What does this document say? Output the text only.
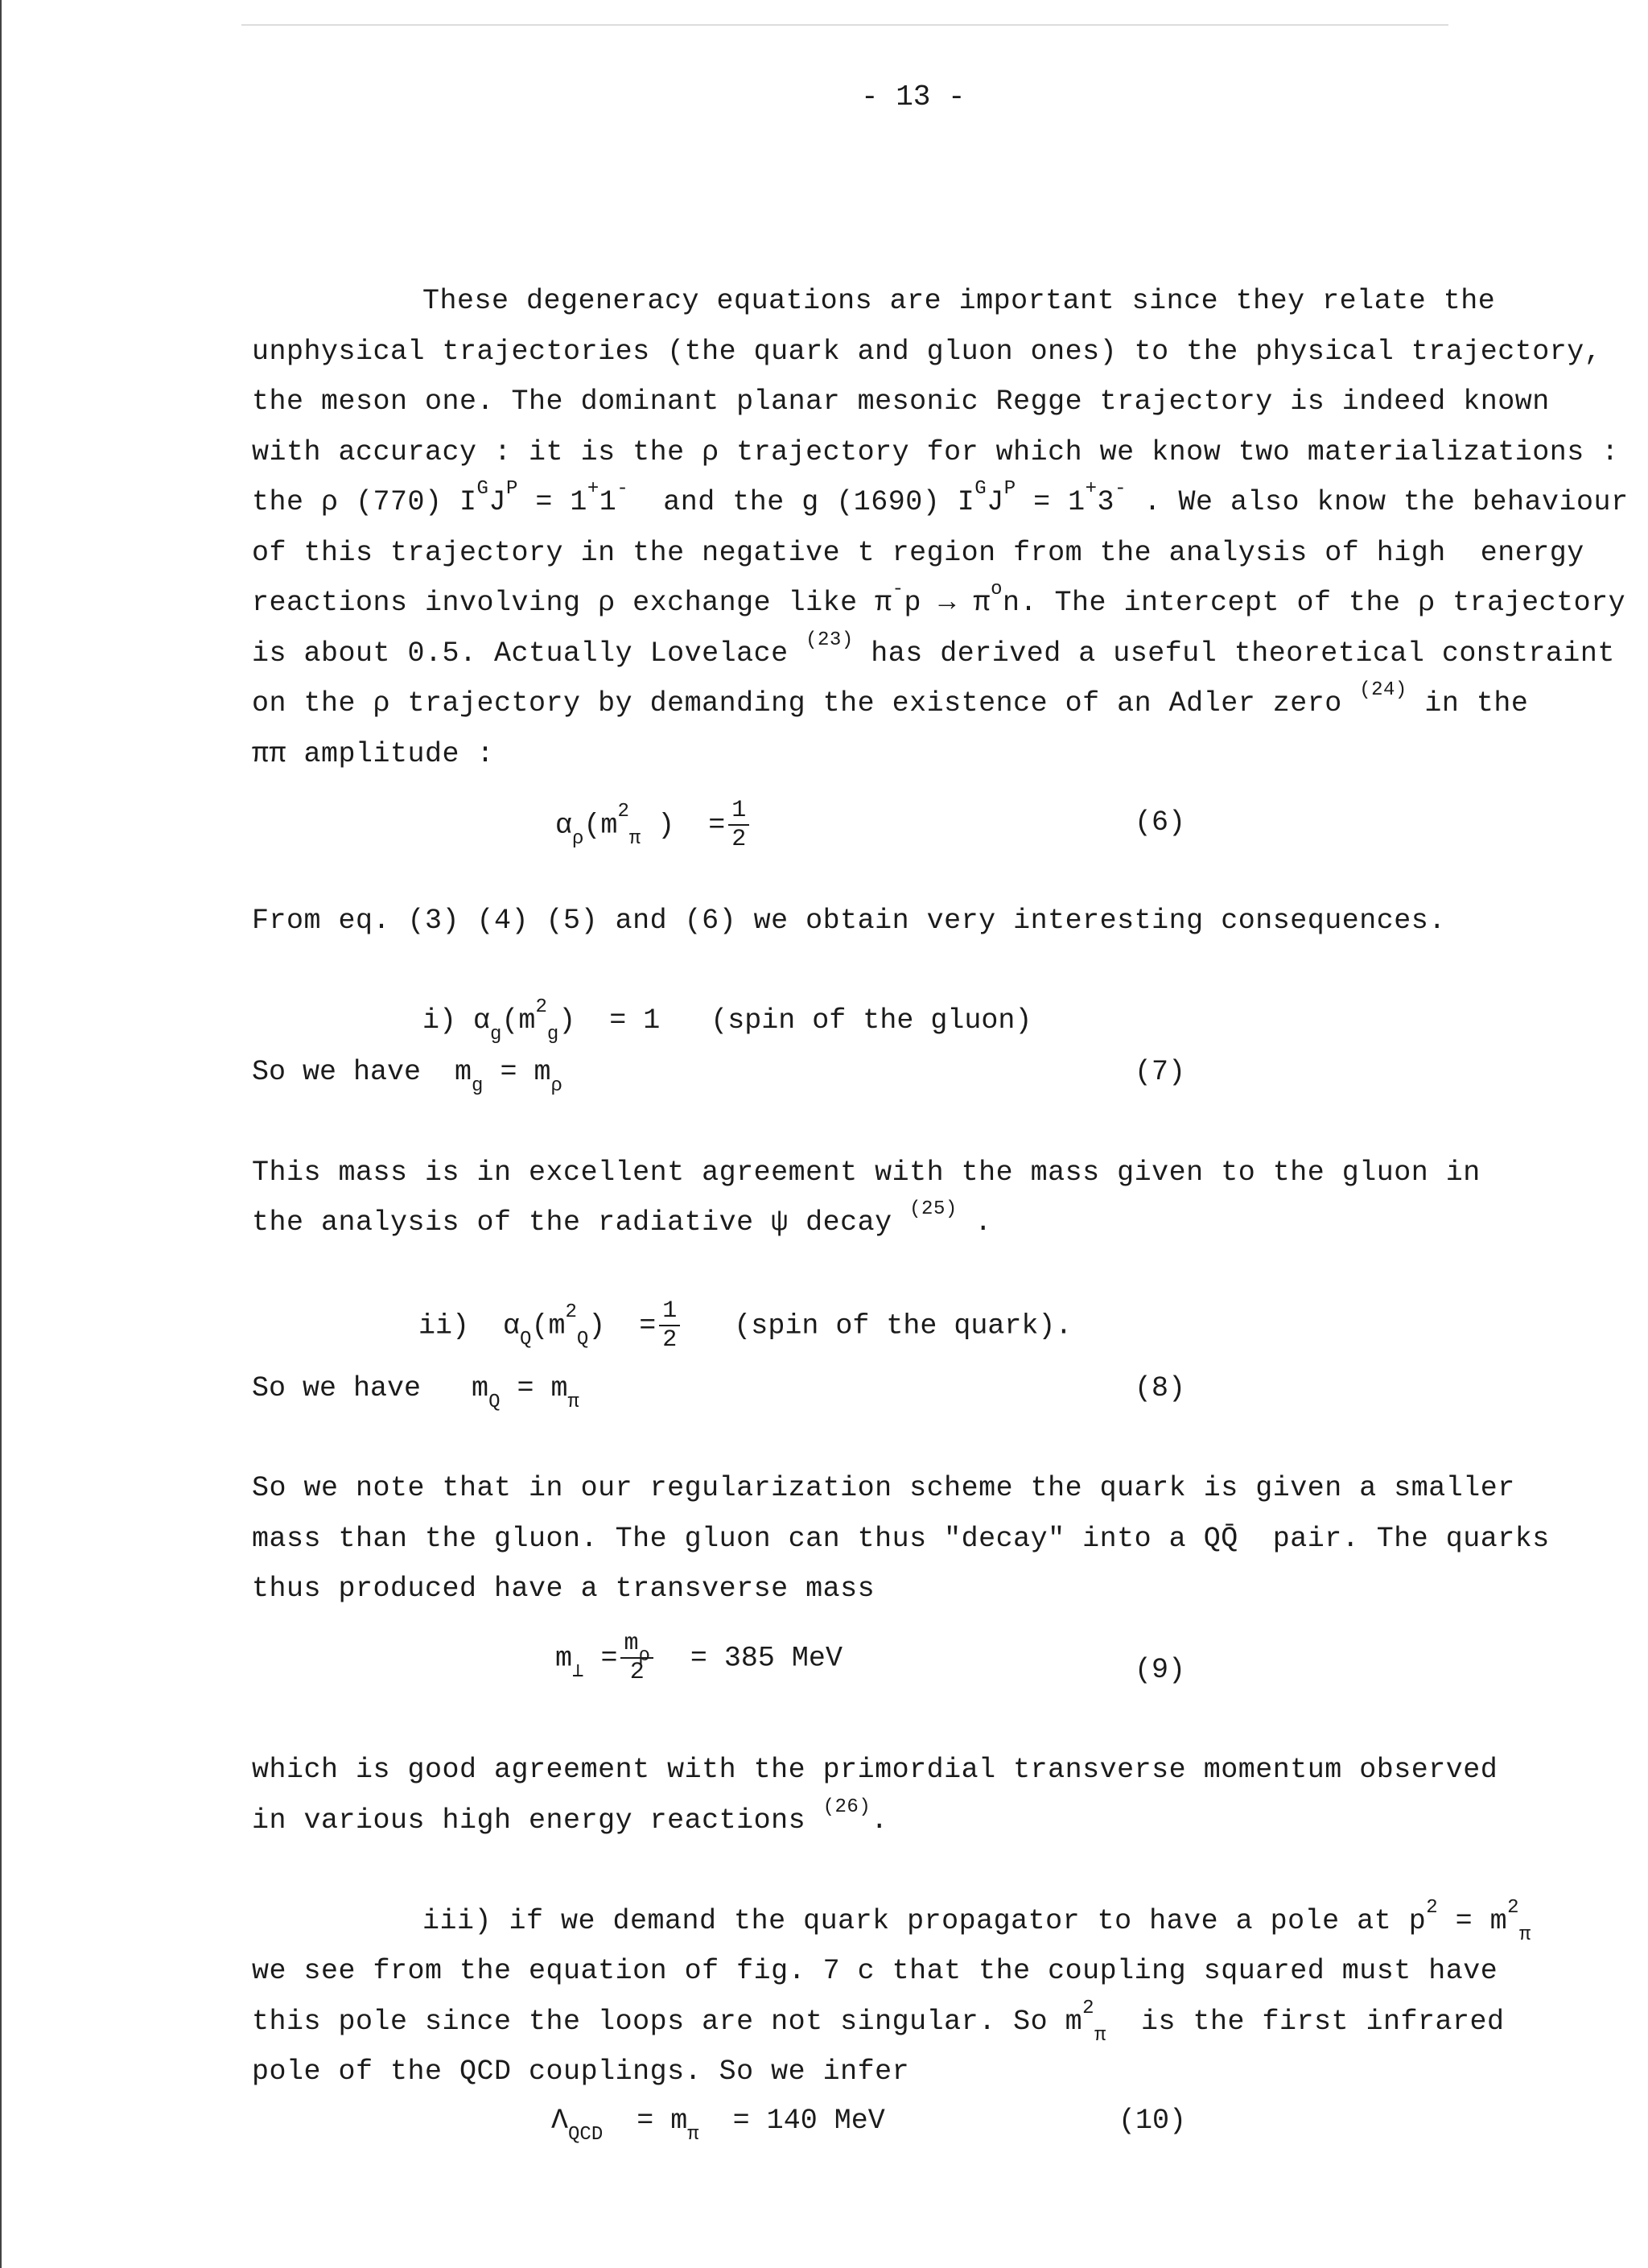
- 13 -
These degeneracy equations are important since they relate the
unphysical trajectories (the quark and gluon ones) to the physical trajectory,
the meson one. The dominant planar mesonic Regge trajectory is indeed known
with accuracy : it is the ρ trajectory for which we know two materializations :
the ρ (770) $I^GJ^P = 1^+1^-$  and the g (1690) $I^GJ^P = 1^+3^-$ . We also know the behaviour
of this trajectory in the negative t region from the analysis of high  energy
reactions involving ρ exchange like $\pi^-p \to \pi^on$. The intercept of the ρ trajectory
is about 0.5. Actually Lovelace $^{(23)}$ has derived a useful theoretical constraint
on the ρ trajectory by demanding the existence of an Adler zero $^{(24)}$ in the
ππ amplitude :
$\alpha_\rho(m^2_\pi$ )  = $\frac{1}{2}$	(6)
From eq. (3) (4) (5) and (6) we obtain very interesting consequences.
i) $\alpha_g(m^2_g) = 1$   (spin of the gluon)
So we have  $m_g = m_\rho$	(7)
This mass is in excellent agreement with the mass given to the gluon in
the analysis of the radiative ψ decay $^{(25)}$ .
ii)  $\alpha_Q(m^2_Q) = \frac{1}{2}$ (spin of the quark).
So we have   $m_Q = m_\pi$	(8)
So we note that in our regularization scheme the quark is given a smaller
mass than the gluon. The gluon can thus "decay" into a QQ̄  pair. The quarks
thus produced have a transverse mass
$m_\perp = \frac{m_\rho}{2} = 385$ MeV	(9)
which is good agreement with the primordial transverse momentum observed
in various high energy reactions $^{(26)}$.
iii) if we demand the quark propagator to have a pole at $p^2 = m^2_\pi$
we see from the equation of fig. 7 c that the coupling squared must have
this pole since the loops are not singular. So $m^2_\pi$  is the first infrared
pole of the QCD couplings. So we infer
$\Lambda_{QCD} = m_\pi = 140$ MeV	(10)
